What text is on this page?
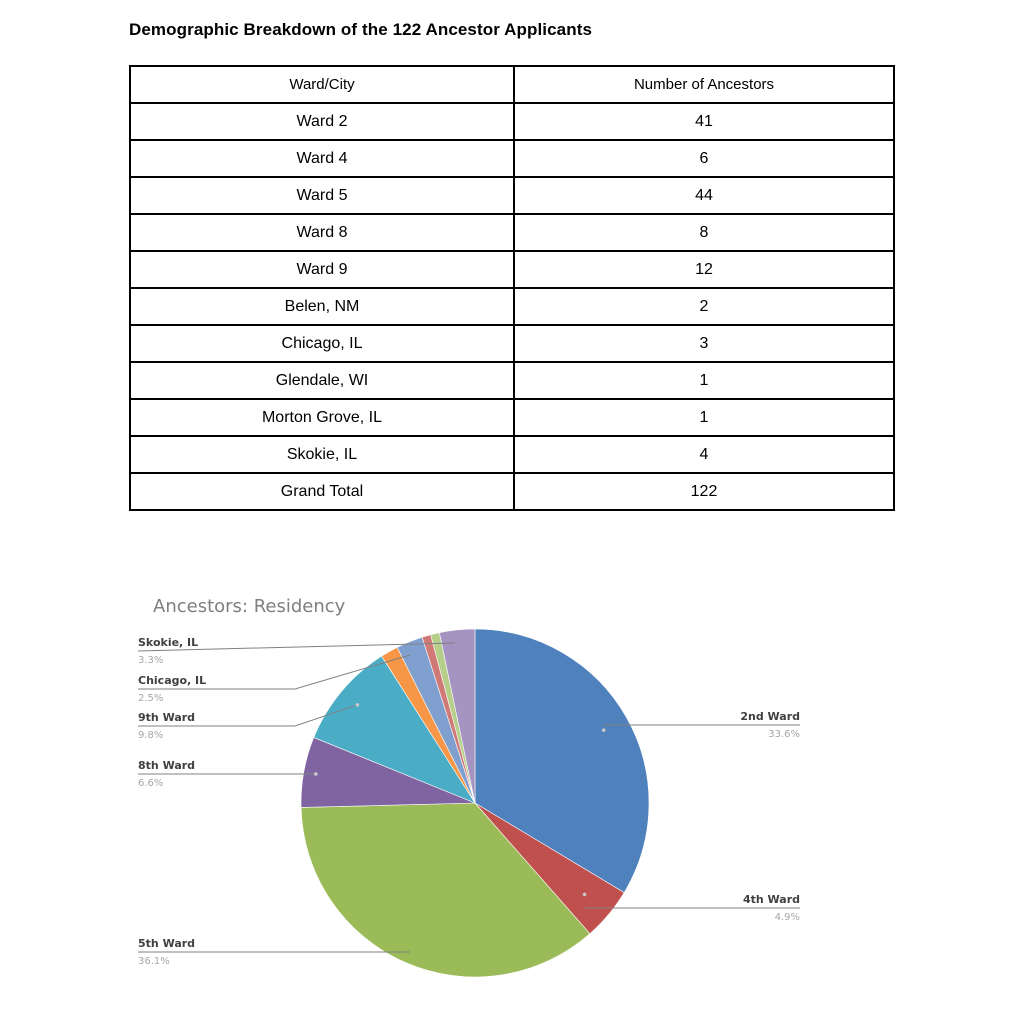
Demographic Breakdown of the 122 Ancestor Applicants
Ward/City	Number of Ancestors
Ward 2	41
Ward 4	6
Ward 5	44
Ward 8	8
Ward 9	12
Belen, NM	2
Chicago, IL	3
Glendale, WI	1
Morton Grove, IL	1
Skokie, IL	4
Grand Total	122
Ancestors: Residency
2nd Ward
33.6%
4th Ward
4.9%
5th Ward
36.1%
8th Ward
6.6%
9th Ward
9.8%
Chicago, IL
2.5%
Skokie, IL
3.3%
